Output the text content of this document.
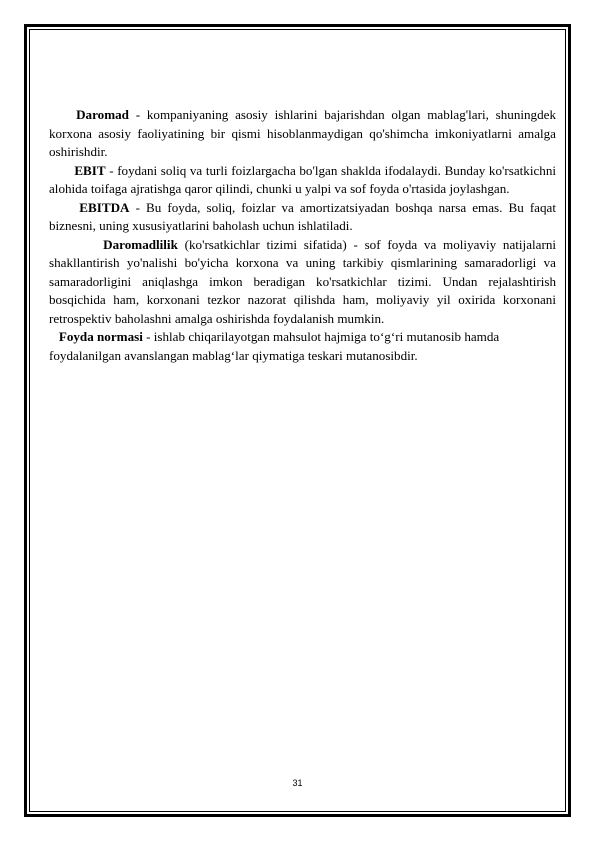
Daromad - kompaniyaning asosiy ishlarini bajarishdan olgan mablag'lari, shuningdek korxona asosiy faoliyatining bir qismi hisoblanmaydigan qo'shimcha imkoniyatlarni amalga oshirishdir.

EBIT - foydani soliq va turli foizlargacha bo'lgan shaklda ifodalaydi. Bunday ko'rsatkichni alohida toifaga ajratishga qaror qilindi, chunki u yalpi va sof foyda o'rtasida joylashgan.

EBITDA - Bu foyda, soliq, foizlar va amortizatsiyadan boshqa narsa emas. Bu faqat biznesni, uning xususiyatlarini baholash uchun ishlatiladi.

Daromadlilik (ko'rsatkichlar tizimi sifatida) - sof foyda va moliyaviy natijalarni shakllantirish yo'nalishi bo'yicha korxona va uning tarkibiy qismlarining samaradorligi va samaradorligini aniqlashga imkon beradigan ko'rsatkichlar tizimi. Undan rejalashtirish bosqichida ham, korxonani tezkor nazorat qilishda ham, moliyaviy yil oxirida korxonani retrospektiv baholashni amalga oshirishda foydalanish mumkin.

Foyda normasi - ishlab chiqarilayotgan mahsulot hajmiga to‘g‘ri mutanosib hamda foydalanilgan avanslangan mablag‘lar qiymatiga teskari mutanosibdir.

31
